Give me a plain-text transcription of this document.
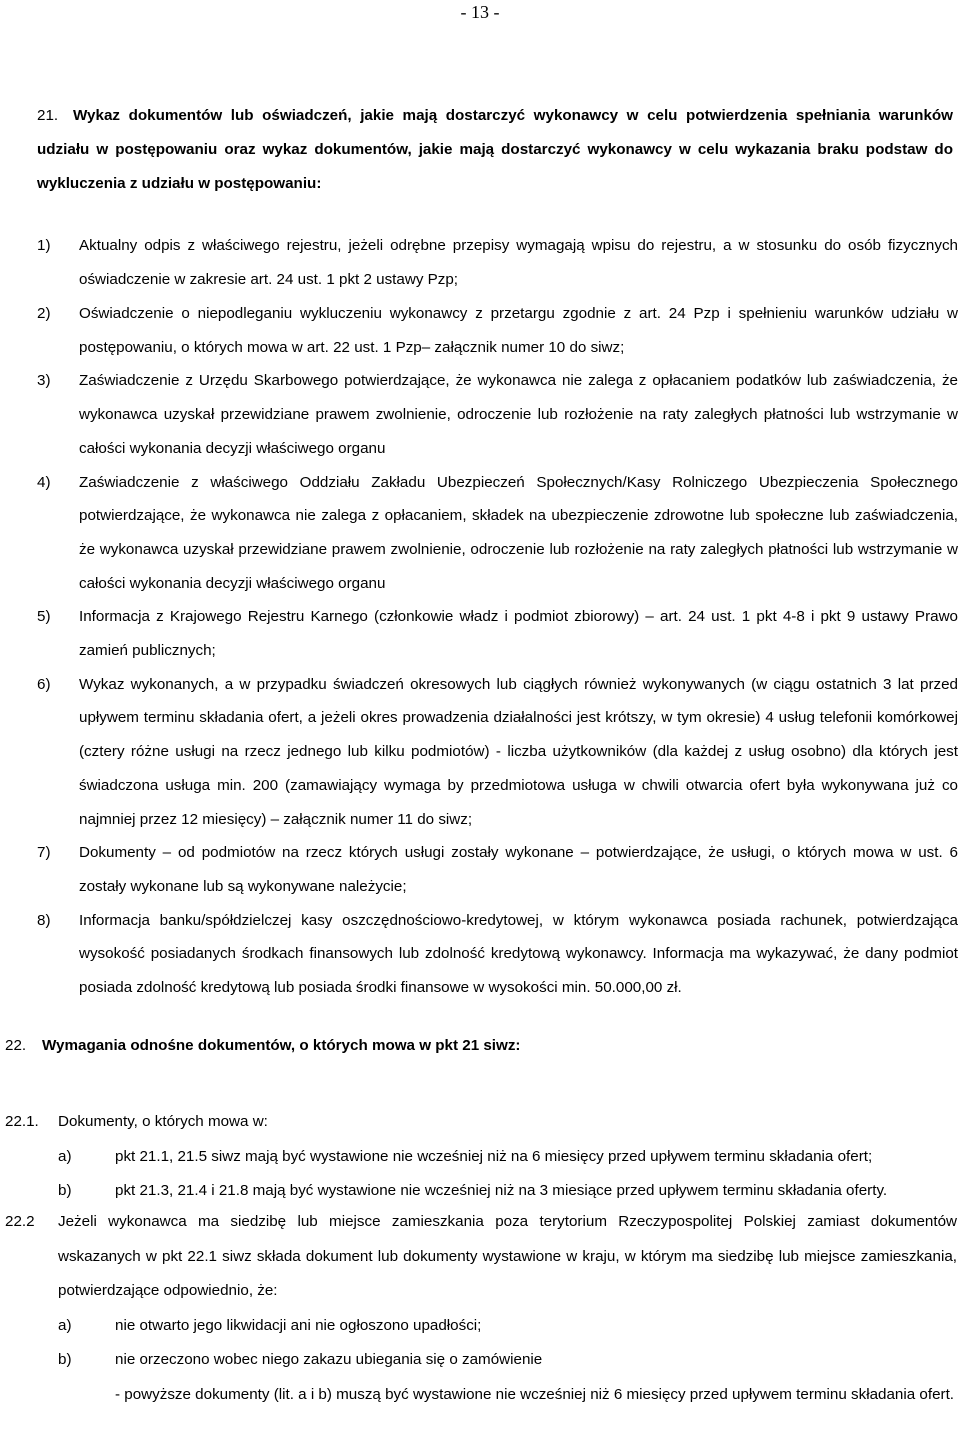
- 13 -
21. Wykaz dokumentów lub oświadczeń, jakie mają dostarczyć wykonawcy w celu potwierdzenia spełniania warunków udziału w postępowaniu oraz wykaz dokumentów, jakie mają dostarczyć wykonawcy w celu wykazania braku podstaw do wykluczenia z udziału w postępowaniu:
1) Aktualny odpis z właściwego rejestru, jeżeli odrębne przepisy wymagają wpisu do rejestru, a w stosunku do osób fizycznych oświadczenie w zakresie art. 24 ust. 1 pkt 2 ustawy Pzp;
2) Oświadczenie o niepodleganiu wykluczeniu wykonawcy z przetargu zgodnie z art. 24 Pzp i spełnieniu warunków udziału w postępowaniu, o których mowa w art. 22 ust. 1 Pzp– załącznik numer 10 do siwz;
3) Zaświadczenie z Urzędu Skarbowego potwierdzające, że wykonawca nie zalega z opłacaniem podatków lub zaświadczenia, że wykonawca uzyskał przewidziane prawem zwolnienie, odroczenie lub rozłożenie na raty zaległych płatności lub wstrzymanie w całości wykonania decyzji właściwego organu
4) Zaświadczenie z właściwego Oddziału Zakładu Ubezpieczeń Społecznych/Kasy Rolniczego Ubezpieczenia Społecznego potwierdzające, że wykonawca nie zalega z opłacaniem, składek na ubezpieczenie zdrowotne lub społeczne lub zaświadczenia, że wykonawca uzyskał przewidziane prawem zwolnienie, odroczenie lub rozłożenie na raty zaległych płatności lub wstrzymanie w całości wykonania decyzji właściwego organu
5) Informacja z Krajowego Rejestru Karnego (członkowie władz i podmiot zbiorowy) – art. 24 ust. 1 pkt 4-8 i pkt 9 ustawy Prawo zamień publicznych;
6) Wykaz wykonanych, a w przypadku świadczeń okresowych lub ciągłych również wykonywanych (w ciągu ostatnich 3 lat przed upływem terminu składania ofert, a jeżeli okres prowadzenia działalności jest krótszy, w tym okresie) 4 usług telefonii komórkowej (cztery różne usługi na rzecz jednego lub kilku podmiotów) - liczba użytkowników (dla każdej z usług osobno) dla których jest świadczona usługa min. 200 (zamawiający wymaga by przedmiotowa usługa w chwili otwarcia ofert była wykonywana już co najmniej przez 12 miesięcy) – załącznik numer 11 do siwz;
7) Dokumenty – od podmiotów na rzecz których usługi zostały wykonane – potwierdzające, że usługi, o których mowa w ust. 6 zostały wykonane lub są wykonywane należycie;
8) Informacja banku/spółdzielczej kasy oszczędnościowo-kredytowej, w którym wykonawca posiada rachunek, potwierdzająca wysokość posiadanych środkach finansowych lub zdolność kredytową wykonawcy. Informacja ma wykazywać, że dany podmiot posiada zdolność kredytową lub posiada środki finansowe w wysokości min. 50.000,00 zł.
22. Wymagania odnośne dokumentów, o których mowa w pkt 21 siwz:
22.1.	Dokumenty, o których mowa w:
a)	pkt 21.1, 21.5 siwz mają być wystawione nie wcześniej niż na 6 miesięcy przed upływem terminu składania ofert;
b)	pkt 21.3, 21.4 i 21.8 mają być wystawione nie wcześniej niż na 3 miesiące przed upływem terminu składania oferty.
22.2	Jeżeli wykonawca ma siedzibę lub miejsce zamieszkania poza terytorium Rzeczypospolitej Polskiej zamiast dokumentów wskazanych w pkt 22.1 siwz składa dokument lub dokumenty wystawione w kraju, w którym ma siedzibę lub miejsce zamieszkania, potwierdzające odpowiednio, że:
a)	nie otwarto jego likwidacji ani nie ogłoszono upadłości;
b)	nie orzeczono wobec niego zakazu ubiegania się o zamówienie
- powyższe dokumenty (lit. a i b) muszą być wystawione nie wcześniej niż 6 miesięcy przed upływem terminu składania ofert.
